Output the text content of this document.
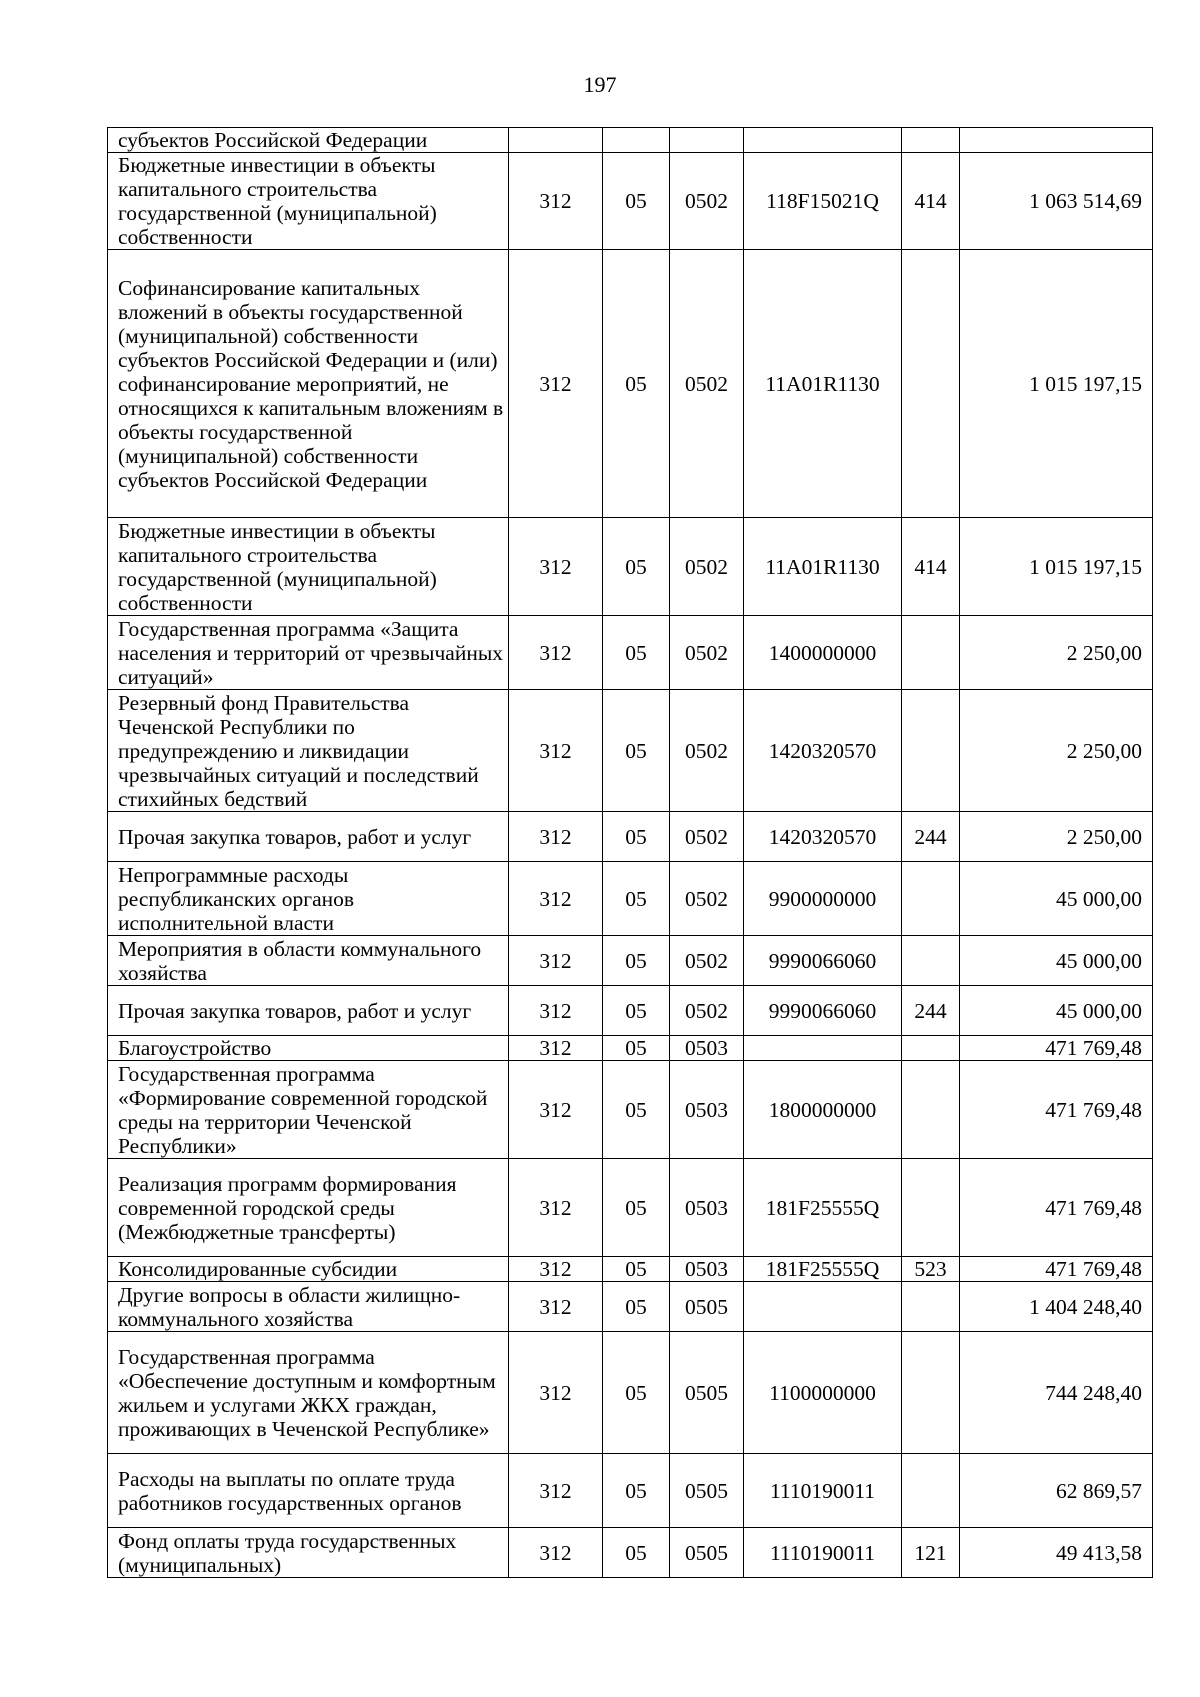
197
субъектов Российской Федерации						
Бюджетные инвестиции в объекты капитального строительства государственной (муниципальной) собственности	312	05	0502	118F15021Q	414	1 063 514,69
Софинансирование капитальных вложений в объекты государственной (муниципальной) собственности субъектов Российской Федерации и (или) софинансирование мероприятий, не относящихся к капитальным вложениям в объекты государственной (муниципальной) собственности субъектов Российской Федерации	312	05	0502	11A01R1130		1 015 197,15
Бюджетные инвестиции в объекты капитального строительства государственной (муниципальной) собственности	312	05	0502	11A01R1130	414	1 015 197,15
Государственная программа «Защита населения и территорий от чрезвычайных ситуаций»	312	05	0502	1400000000		2 250,00
Резервный фонд Правительства Чеченской Республики по предупреждению и ликвидации чрезвычайных ситуаций и последствий стихийных бедствий	312	05	0502	1420320570		2 250,00
Прочая закупка товаров, работ и услуг	312	05	0502	1420320570	244	2 250,00
Непрограммные расходы республиканских органов исполнительной власти	312	05	0502	9900000000		45 000,00
Мероприятия в области коммунального хозяйства	312	05	0502	9990066060		45 000,00
Прочая закупка товаров, работ и услуг	312	05	0502	9990066060	244	45 000,00
Благоустройство	312	05	0503			471 769,48
Государственная программа «Формирование современной городской среды на территории Чеченской Республики»	312	05	0503	1800000000		471 769,48
Реализация программ формирования современной городской среды (Межбюджетные трансферты)	312	05	0503	181F25555Q		471 769,48
Консолидированные субсидии	312	05	0503	181F25555Q	523	471 769,48
Другие вопросы в области жилищно-коммунального хозяйства	312	05	0505			1 404 248,40
Государственная программа «Обеспечение доступным и комфортным жильем и услугами ЖКХ граждан, проживающих в Чеченской Республике»	312	05	0505	1100000000		744 248,40
Расходы на выплаты по оплате труда работников государственных органов	312	05	0505	1110190011		62 869,57
Фонд оплаты труда государственных (муниципальных)	312	05	0505	1110190011	121	49 413,58
